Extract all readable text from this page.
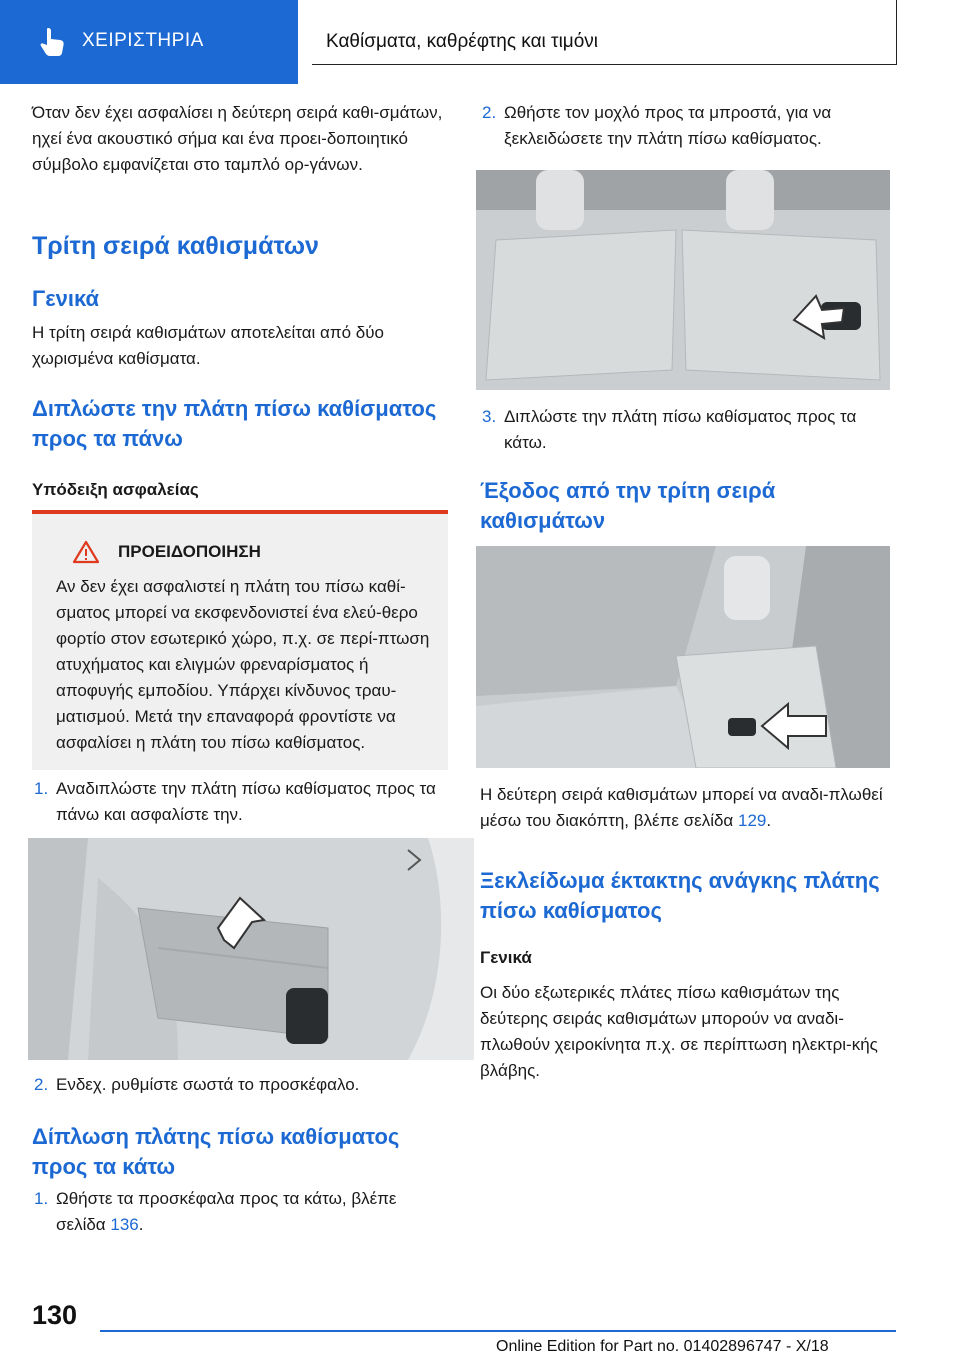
ΧΕΙΡΙΣΤΗΡΙΑ	Καθίσματα, καθρέφτης και τιμόνι

Όταν δεν έχει ασφαλίσει η δεύτερη σειρά καθι-σμάτων, ηχεί ένα ακουστικό σήμα και ένα προει-δοποιητικό σύμβολο εμφανίζεται στο ταμπλό ορ-γάνων.

Τρίτη σειρά καθισμάτων

Γενικά

Η τρίτη σειρά καθισμάτων αποτελείται από δύο χωρισμένα καθίσματα.

Διπλώστε την πλάτη πίσω καθίσματος προς τα πάνω

Υπόδειξη ασφαλείας

ΠΡΟΕΙΔΟΠΟΙΗΣΗ
Αν δεν έχει ασφαλιστεί η πλάτη του πίσω καθί-σματος μπορεί να εκσφενδονιστεί ένα ελεύ-θερο φορτίο στον εσωτερικό χώρο, π.χ. σε περί-πτωση ατυχήματος και ελιγμών φρεναρίσματος ή αποφυγής εμποδίου. Υπάρχει κίνδυνος τραυ-ματισμού. Μετά την επαναφορά φροντίστε να ασφαλίσει η πλάτη του πίσω καθίσματος.
1. Αναδιπλώστε την πλάτη πίσω καθίσματος προς τα πάνω και ασφαλίστε την.
2. Ενδεχ. ρυθμίστε σωστά το προσκέφαλο.

Δίπλωση πλάτης πίσω καθίσματος προς τα κάτω

1. Ωθήστε τα προσκέφαλα προς τα κάτω, βλέπε σελίδα 136.
2. Ωθήστε τον μοχλό προς τα μπροστά, για να ξεκλειδώσετε την πλάτη πίσω καθίσματος.
3. Διπλώστε την πλάτη πίσω καθίσματος προς τα κάτω.

Έξοδος από την τρίτη σειρά καθισμάτων

Η δεύτερη σειρά καθισμάτων μπορεί να αναδι-πλωθεί μέσω του διακόπτη, βλέπε σελίδα 129.

Ξεκλείδωμα έκτακτης ανάγκης πλάτης πίσω καθίσματος

Γενικά

Οι δύο εξωτερικές πλάτες πίσω καθισμάτων της δεύτερης σειράς καθισμάτων μπορούν να αναδι-πλωθούν χειροκίνητα π.χ. σε περίπτωση ηλεκτρι-κής βλάβης.

130
Online Edition for Part no. 01402896747 - X/18
